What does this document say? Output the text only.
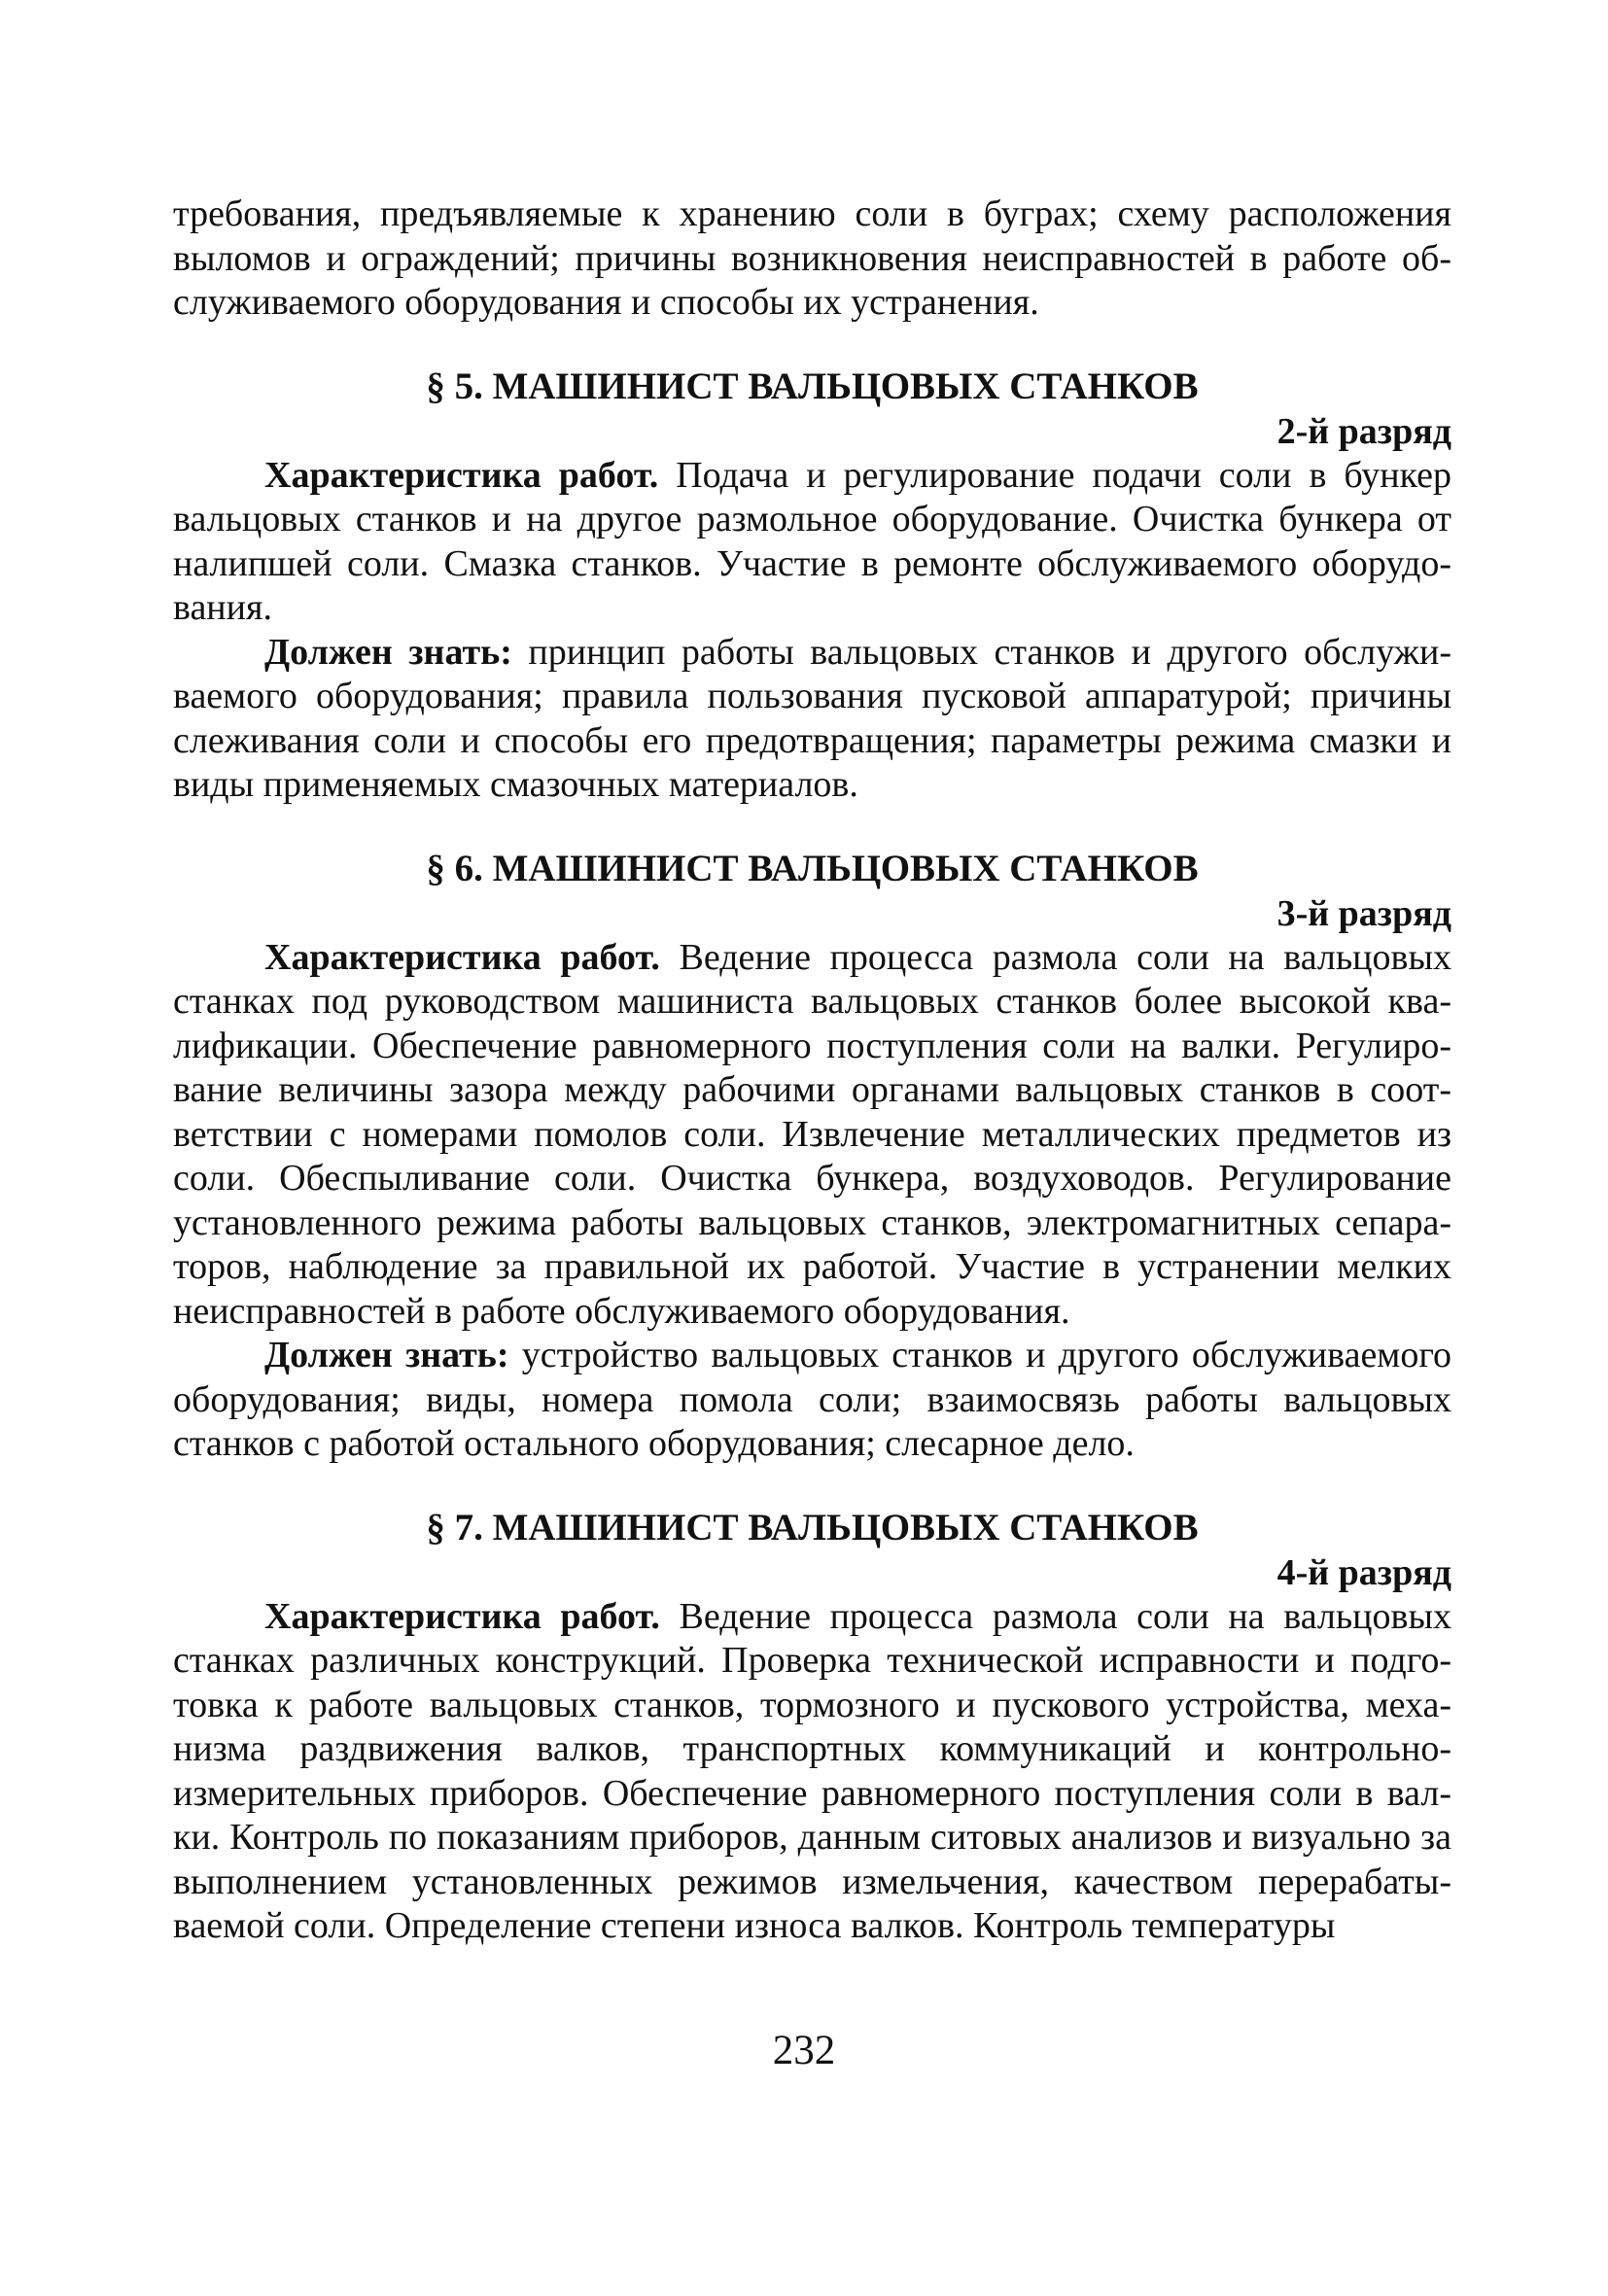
требования, предъявляемые к хранению соли в буграх; схему расположения выломов и ограждений; причины возникновения неисправностей в работе обслуживаемого оборудования и способы их устранения.

§ 5. МАШИНИСТ ВАЛЬЦОВЫХ СТАНКОВ
2-й разряд

Характеристика работ. Подача и регулирование подачи соли в бункер вальцовых станков и на другое размольное оборудование. Очистка бункера от налипшей соли. Смазка станков. Участие в ремонте обслуживаемого оборудования.

Должен знать: принцип работы вальцовых станков и другого обслуживаемого оборудования; правила пользования пусковой аппаратурой; причины слеживания соли и способы его предотвращения; параметры режима смазки и виды применяемых смазочных материалов.

§ 6. МАШИНИСТ ВАЛЬЦОВЫХ СТАНКОВ
3-й разряд

Характеристика работ. Ведение процесса размола соли на вальцовых станках под руководством машиниста вальцовых станков более высокой квалификации. Обеспечение равномерного поступления соли на валки. Регулирование величины зазора между рабочими органами вальцовых станков в соответствии с номерами помолов соли. Извлечение металлических предметов из соли. Обеспыливание соли. Очистка бункера, воздуховодов. Регулирование установленного режима работы вальцовых станков, электромагнитных сепараторов, наблюдение за правильной их работой. Участие в устранении мелких неисправностей в работе обслуживаемого оборудования.

Должен знать: устройство вальцовых станков и другого обслуживаемого оборудования; виды, номера помола соли; взаимосвязь работы вальцовых станков с работой остального оборудования; слесарное дело.

§ 7. МАШИНИСТ ВАЛЬЦОВЫХ СТАНКОВ
4-й разряд

Характеристика работ. Ведение процесса размола соли на вальцовых станках различных конструкций. Проверка технической исправности и подготовка к работе вальцовых станков, тормозного и пускового устройства, механизма раздвижения валков, транспортных коммуникаций и контрольно-измерительных приборов. Обеспечение равномерного поступления соли в валки. Контроль по показаниям приборов, данным ситовых анализов и визуально за выполнением установленных режимов измельчения, качеством перерабатываемой соли. Определение степени износа валков. Контроль температуры

232
